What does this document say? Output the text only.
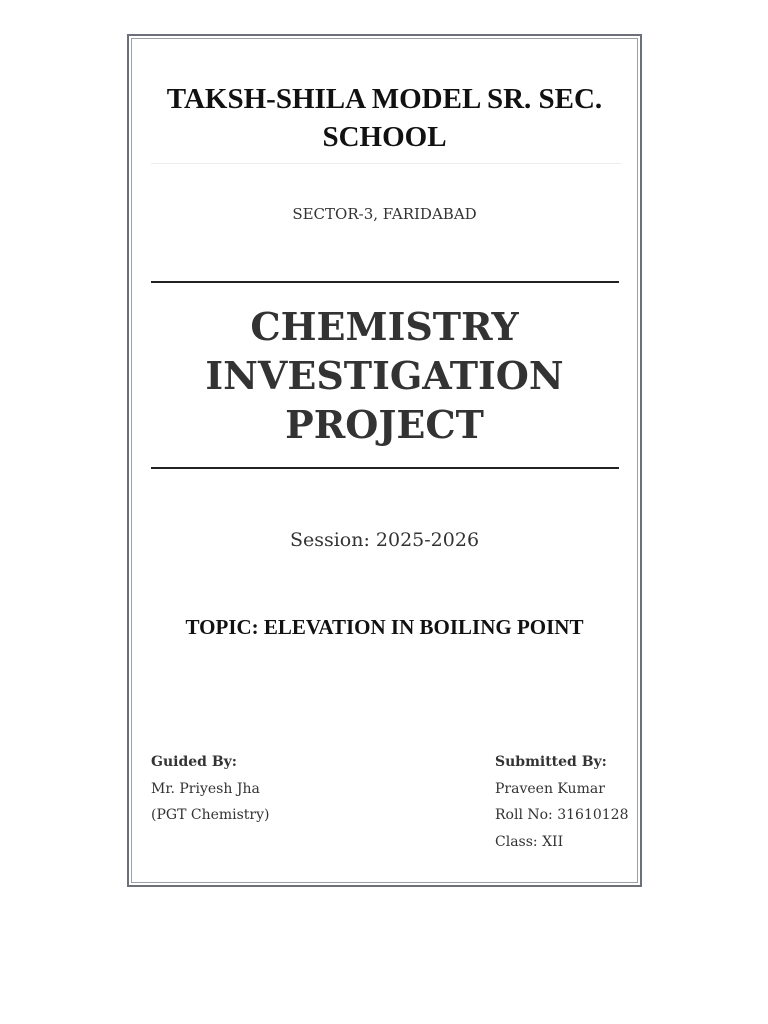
TAKSH-SHILA MODEL SR. SEC.
SCHOOL
SECTOR-3, FARIDABAD
CHEMISTRY
INVESTIGATION
PROJECT
Session: 2025-2026
TOPIC: ELEVATION IN BOILING POINT
Guided By:
Mr. Priyesh Jha
(PGT Chemistry)
Submitted By:
Praveen Kumar
Roll No: 31610128
Class: XII
